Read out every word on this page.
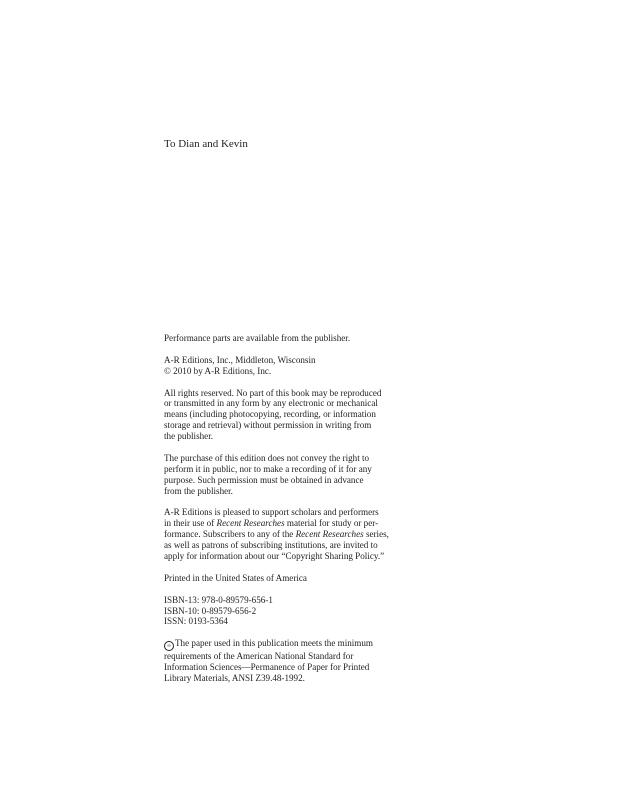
To Dian and Kevin
Performance parts are available from the publisher.
A-R Editions, Inc., Middleton, Wisconsin
© 2010 by A-R Editions, Inc.
All rights reserved. No part of this book may be reproduced
or transmitted in any form by any electronic or mechanical
means (including photocopying, recording, or information
storage and retrieval) without permission in writing from
the publisher.
The purchase of this edition does not convey the right to
perform it in public, nor to make a recording of it for any
purpose. Such permission must be obtained in advance
from the publisher.
A-R Editions is pleased to support scholars and performers
in their use of Recent Researches material for study or per-
formance. Subscribers to any of the Recent Researches series,
as well as patrons of subscribing institutions, are invited to
apply for information about our “Copyright Sharing Policy.”
Printed in the United States of America
ISBN-13: 978-0-89579-656-1
ISBN-10: 0-89579-656-2
ISSN: 0193-5364
∞ The paper used in this publication meets the minimum
requirements of the American National Standard for
Information Sciences—Permanence of Paper for Printed
Library Materials, ANSI Z39.48-1992.
